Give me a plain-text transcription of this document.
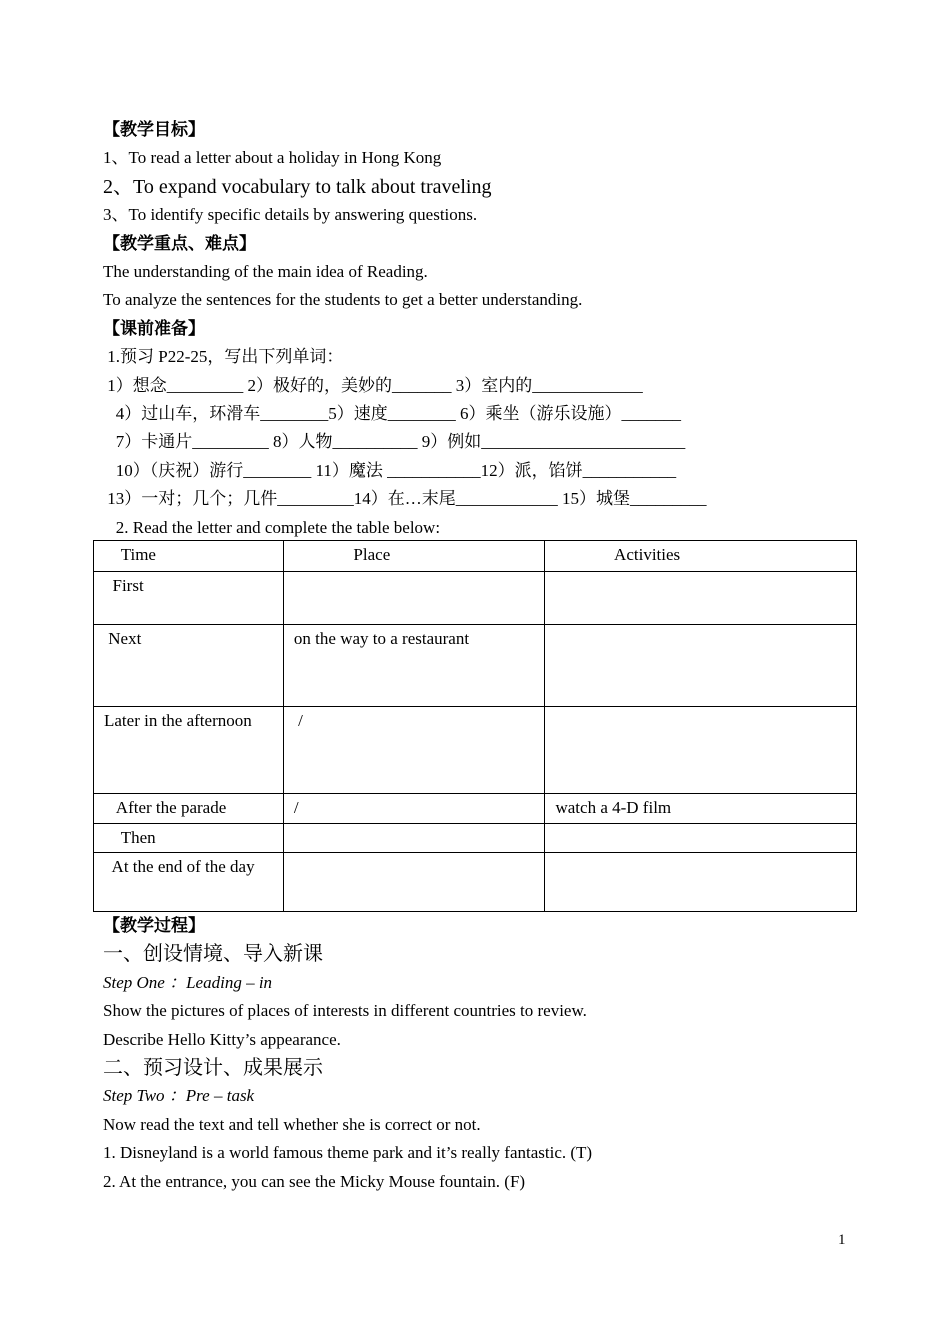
【教学目标】
1、To read a letter about a holiday in Hong Kong
2、To expand vocabulary to talk about traveling
3、To identify specific details by answering questions.
【教学重点、难点】
The understanding of the main idea of Reading.
To analyze the sentences for the students to get a better understanding.
【课前准备】
1.预习 P22-25，写出下列单词：
1）想念_________ 2）极好的，美妙的_______ 3）室内的_____________
4）过山车，环滑车________5）速度________ 6）乘坐（游乐设施）_______
7）卡通片_________ 8）人物__________ 9）例如________________________
10）（庆祝）游行________ 11）魔法 ___________12）派，馅饼___________
13）一对；几个；几件_________14）在…末尾____________ 15）城堡_________
2. Read the letter and complete the table below:
Time	Place	Activities
First		
Next	on the way to a restaurant	
Later in the afternoon	/	
After the parade	/	watch a 4-D film
Then		
At the end of the day		
【教学过程】
一、创设情境、导入新课
Step One ：Leading – in
Show the pictures of places of interests in different countries to review.
Describe Hello Kitty’s appearance.
二、预习设计、成果展示
Step Two ：Pre – task
Now read the text and tell whether she is correct or not.
1. Disneyland is a world famous theme park and it’s really fantastic. (T)
2. At the entrance, you can see the Micky Mouse fountain. (F)
1
